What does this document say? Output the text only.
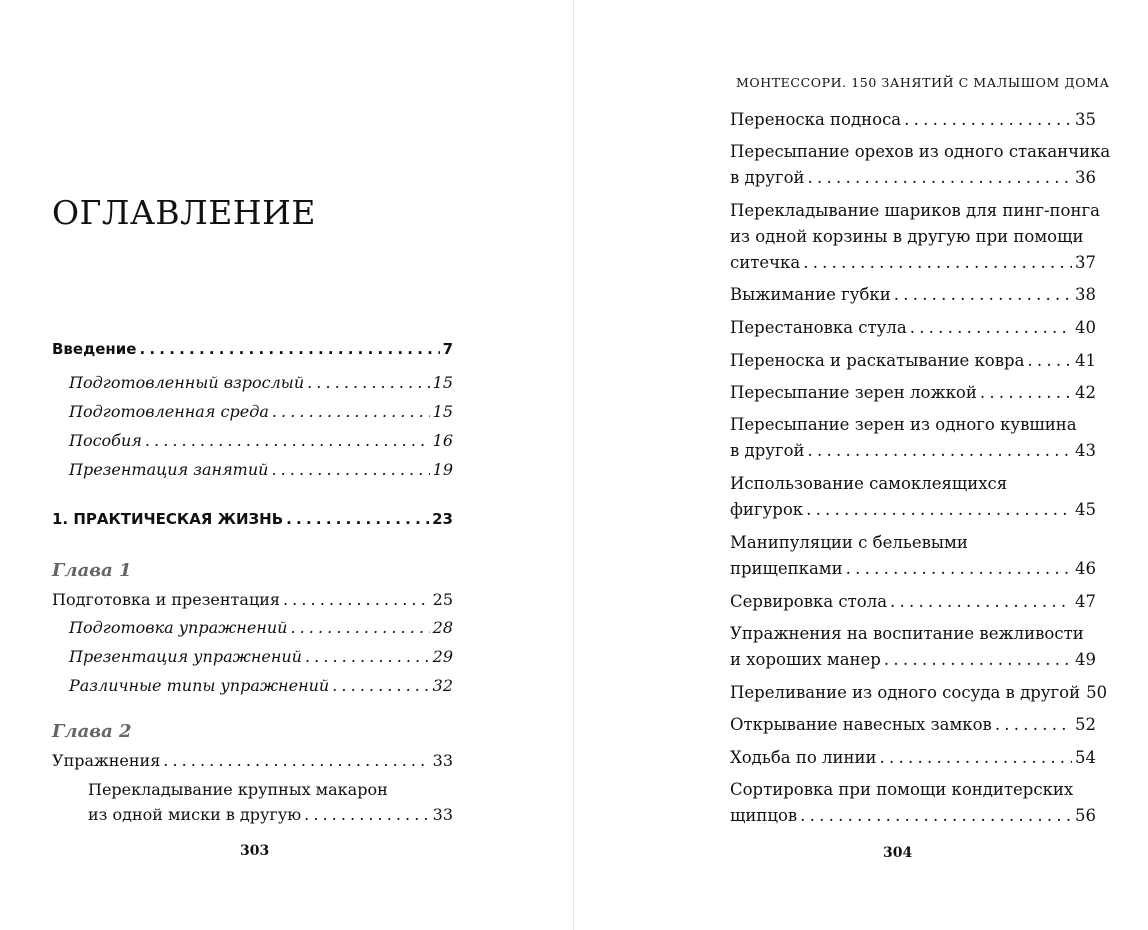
ОГЛАВЛЕНИЕ
Введение . . .	7
Подготовленный взрослый . . .	15
Подготовленная среда . . .	15
Пособия . . .	16
Презентация занятий . . .	19
1. ПРАКТИЧЕСКАЯ ЖИЗНЬ . . .	23
Глава 1
Подготовка и презентация . . .	25
Подготовка упражнений . . .	28
Презентация упражнений . . .	29
Различные типы упражнений . . .	32
Глава 2
Упражнения . . .	33
Перекладывание крупных макарон
из одной миски в другую . . .	33
303
МОНТЕССОРИ. 150 ЗАНЯТИЙ С МАЛЫШОМ ДОМА
Переноска подноса . . .	35
Пересыпание орехов из одного стаканчика
в другой . . .	36
Перекладывание шариков для пинг-понга
из одной корзины в другую при помощи
ситечка . . .	37
Выжимание губки . . .	38
Перестановка стула . . .	40
Переноска и раскатывание ковра . . .	41
Пересыпание зерен ложкой . . .	42
Пересыпание зерен из одного кувшина
в другой . . .	43
Использование самоклеящихся
фигурок . . .	45
Манипуляции с бельевыми
прищепками . . .	46
Сервировка стола . . .	47
Упражнения на воспитание вежливости
и хороших манер . . .	49
Переливание из одного сосуда в другой 50
Открывание навесных замков . . .	52
Ходьба по линии . . .	54
Сортировка при помощи кондитерских
щипцов . . .	56
304
